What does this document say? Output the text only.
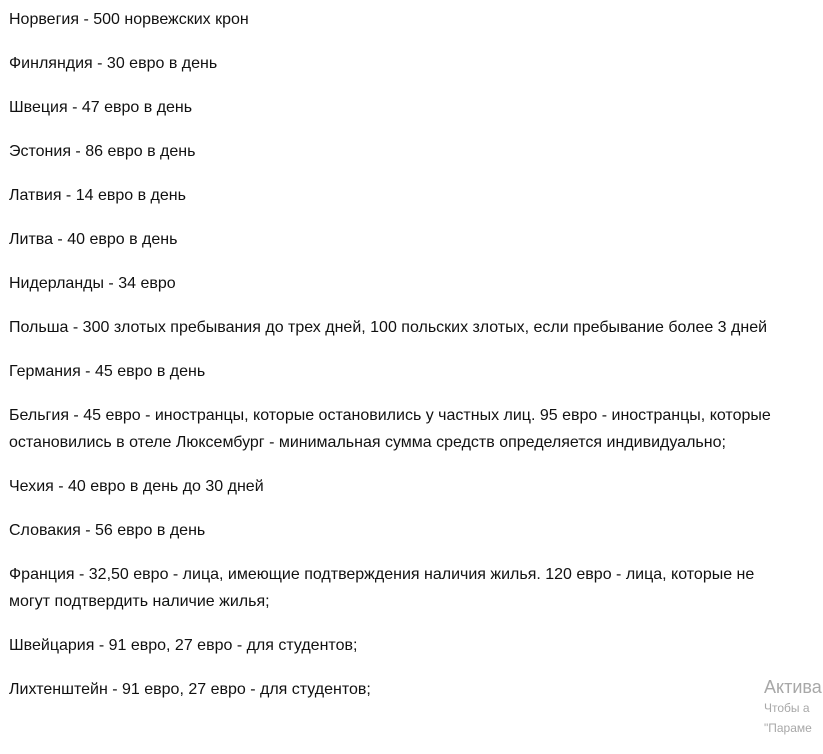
Норвегия - 500 норвежских крон

Финляндия - 30 евро в день

Швеция - 47 евро в день

Эстония - 86 евро в день

Латвия - 14 евро в день

Литва - 40 евро в день

Нидерланды - 34 евро

Польша - 300 злотых пребывания до трех дней, 100 польских злотых, если пребывание более 3 дней

Германия - 45 евро в день

Бельгия - 45 евро - иностранцы, которые остановились у частных лиц. 95 евро - иностранцы, которые остановились в отеле Люксембург - минимальная сумма средств определяется индивидуально;

Чехия - 40 евро в день до 30 дней

Словакия - 56 евро в день

Франция - 32,50 евро - лица, имеющие подтверждения наличия жилья. 120 евро - лица, которые не могут подтвердить наличие жилья;

Швейцария - 91 евро, 27 евро - для студентов;

Лихтенштейн - 91 евро, 27 евро - для студентов;	Актива
Чтобы а
"Параме
